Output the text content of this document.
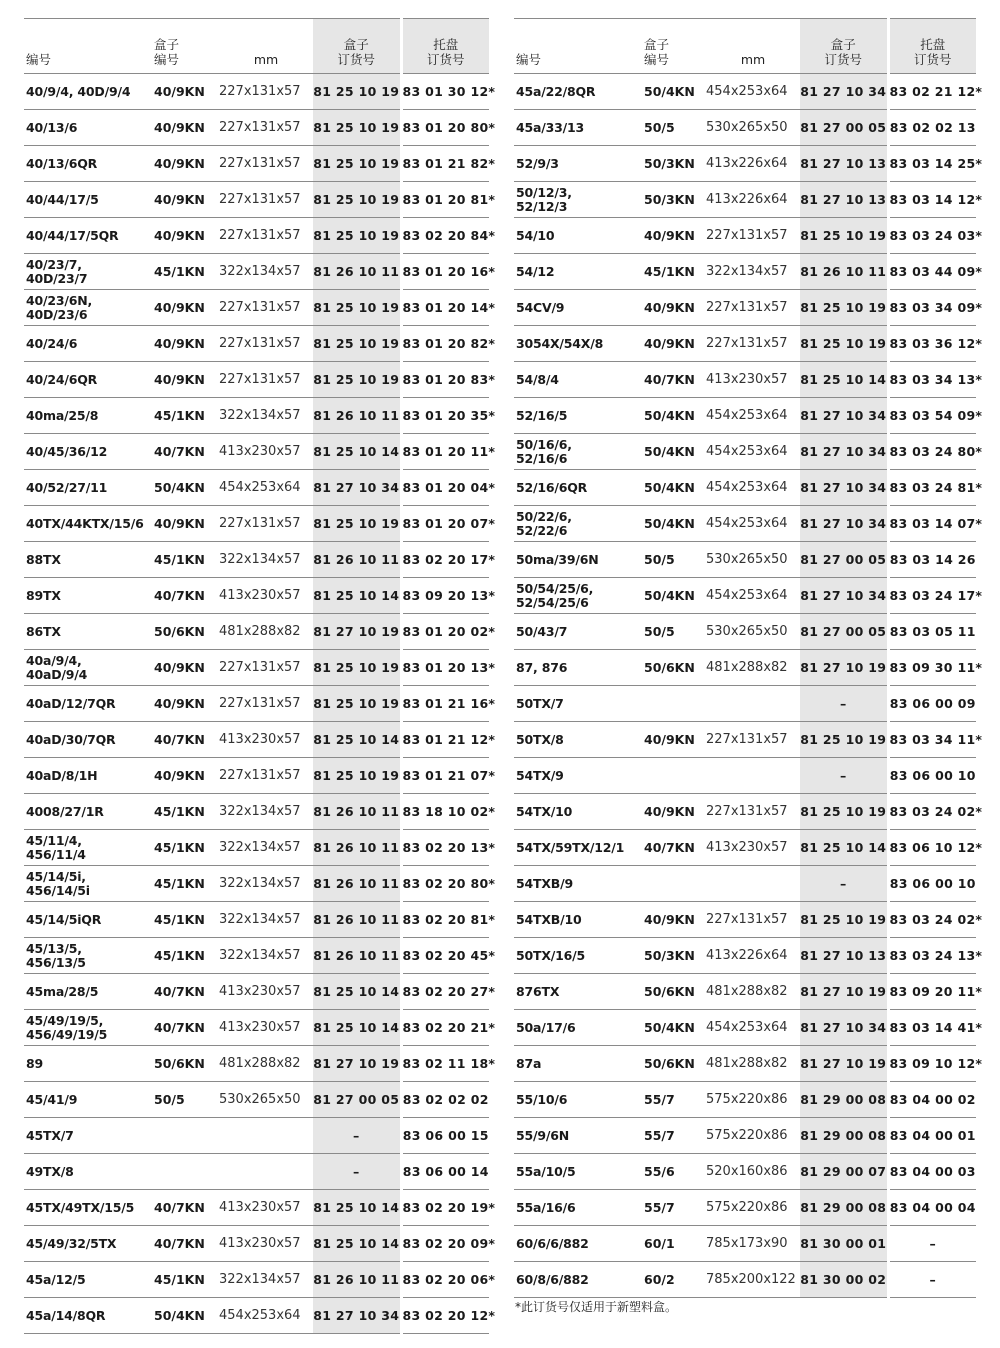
编号	盒子
编号	mm	盒子
订货号	托盘
订货号
40/9/4, 40D/9/4	40/9KN	227x131x57	81 25 10 19	83 01 30 12*
40/13/6	40/9KN	227x131x57	81 25 10 19	83 01 20 80*
40/13/6QR	40/9KN	227x131x57	81 25 10 19	83 01 21 82*
40/44/17/5	40/9KN	227x131x57	81 25 10 19	83 01 20 81*
40/44/17/5QR	40/9KN	227x131x57	81 25 10 19	83 02 20 84*
40/23/7,
40D/23/7	45/1KN	322x134x57	81 26 10 11	83 01 20 16*
40/23/6N,
40D/23/6	40/9KN	227x131x57	81 25 10 19	83 01 20 14*
40/24/6	40/9KN	227x131x57	81 25 10 19	83 01 20 82*
40/24/6QR	40/9KN	227x131x57	81 25 10 19	83 01 20 83*
40ma/25/8	45/1KN	322x134x57	81 26 10 11	83 01 20 35*
40/45/36/12	40/7KN	413x230x57	81 25 10 14	83 01 20 11*
40/52/27/11	50/4KN	454x253x64	81 27 10 34	83 01 20 04*
40TX/44KTX/15/6	40/9KN	227x131x57	81 25 10 19	83 01 20 07*
88TX	45/1KN	322x134x57	81 26 10 11	83 02 20 17*
89TX	40/7KN	413x230x57	81 25 10 14	83 09 20 13*
86TX	50/6KN	481x288x82	81 27 10 19	83 01 20 02*
40a/9/4,
40aD/9/4	40/9KN	227x131x57	81 25 10 19	83 01 20 13*
40aD/12/7QR	40/9KN	227x131x57	81 25 10 19	83 01 21 16*
40aD/30/7QR	40/7KN	413x230x57	81 25 10 14	83 01 21 12*
40aD/8/1H	40/9KN	227x131x57	81 25 10 19	83 01 21 07*
4008/27/1R	45/1KN	322x134x57	81 26 10 11	83 18 10 02*
45/11/4,
456/11/4	45/1KN	322x134x57	81 26 10 11	83 02 20 13*
45/14/5i,
456/14/5i	45/1KN	322x134x57	81 26 10 11	83 02 20 80*
45/14/5iQR	45/1KN	322x134x57	81 26 10 11	83 02 20 81*
45/13/5,
456/13/5	45/1KN	322x134x57	81 26 10 11	83 02 20 45*
45ma/28/5	40/7KN	413x230x57	81 25 10 14	83 02 20 27*
45/49/19/5,
456/49/19/5	40/7KN	413x230x57	81 25 10 14	83 02 20 21*
89	50/6KN	481x288x82	81 27 10 19	83 02 11 18*
45/41/9	50/5	530x265x50	81 27 00 05	83 02 02 02
45TX/7			–	83 06 00 15
49TX/8			–	83 06 00 14
45TX/49TX/15/5	40/7KN	413x230x57	81 25 10 14	83 02 20 19*
45/49/32/5TX	40/7KN	413x230x57	81 25 10 14	83 02 20 09*
45a/12/5	45/1KN	322x134x57	81 26 10 11	83 02 20 06*
45a/14/8QR	50/4KN	454x253x64	81 27 10 34	83 02 20 12*
编号	盒子
编号	mm	盒子
订货号	托盘
订货号
45a/22/8QR	50/4KN	454x253x64	81 27 10 34	83 02 21 12*
45a/33/13	50/5	530x265x50	81 27 00 05	83 02 02 13
52/9/3	50/3KN	413x226x64	81 27 10 13	83 03 14 25*
50/12/3,
52/12/3	50/3KN	413x226x64	81 27 10 13	83 03 14 12*
54/10	40/9KN	227x131x57	81 25 10 19	83 03 24 03*
54/12	45/1KN	322x134x57	81 26 10 11	83 03 44 09*
54CV/9	40/9KN	227x131x57	81 25 10 19	83 03 34 09*
3054X/54X/8	40/9KN	227x131x57	81 25 10 19	83 03 36 12*
54/8/4	40/7KN	413x230x57	81 25 10 14	83 03 34 13*
52/16/5	50/4KN	454x253x64	81 27 10 34	83 03 54 09*
50/16/6,
52/16/6	50/4KN	454x253x64	81 27 10 34	83 03 24 80*
52/16/6QR	50/4KN	454x253x64	81 27 10 34	83 03 24 81*
50/22/6,
52/22/6	50/4KN	454x253x64	81 27 10 34	83 03 14 07*
50ma/39/6N	50/5	530x265x50	81 27 00 05	83 03 14 26
50/54/25/6,
52/54/25/6	50/4KN	454x253x64	81 27 10 34	83 03 24 17*
50/43/7	50/5	530x265x50	81 27 00 05	83 03 05 11
87, 876	50/6KN	481x288x82	81 27 10 19	83 09 30 11*
50TX/7			–	83 06 00 09
50TX/8	40/9KN	227x131x57	81 25 10 19	83 03 34 11*
54TX/9			–	83 06 00 10
54TX/10	40/9KN	227x131x57	81 25 10 19	83 03 24 02*
54TX/59TX/12/1	40/7KN	413x230x57	81 25 10 14	83 06 10 12*
54TXB/9			–	83 06 00 10
54TXB/10	40/9KN	227x131x57	81 25 10 19	83 03 24 02*
50TX/16/5	50/3KN	413x226x64	81 27 10 13	83 03 24 13*
876TX	50/6KN	481x288x82	81 27 10 19	83 09 20 11*
50a/17/6	50/4KN	454x253x64	81 27 10 34	83 03 14 41*
87a	50/6KN	481x288x82	81 27 10 19	83 09 10 12*
55/10/6	55/7	575x220x86	81 29 00 08	83 04 00 02
55/9/6N	55/7	575x220x86	81 29 00 08	83 04 00 01
55a/10/5	55/6	520x160x86	81 29 00 07	83 04 00 03
55a/16/6	55/7	575x220x86	81 29 00 08	83 04 00 04
60/6/6/882	60/1	785x173x90	81 30 00 01	–
60/8/6/882	60/2	785x200x122	81 30 00 02	–
*此订货号仅适用于新塑料盒。
